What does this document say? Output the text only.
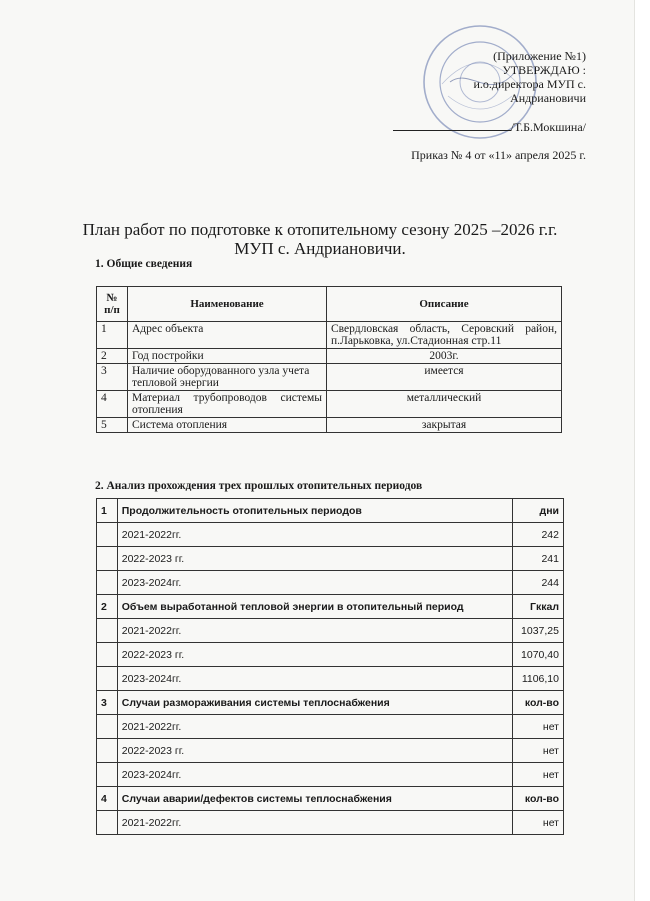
(Приложение №1)
УТВЕРЖДАЮ :
и.о.директора МУП с.
Андриановичи
/Т.Б.Мокшина/
Приказ № 4 от «11» апреля 2025 г.
План работ по подготовке к отопительному сезону 2025 –2026 г.г.
МУП с. Андриановичи.
1. Общие сведения
№ п/п	Наименование	Описание
1	Адрес объекта	Свердловская область, Серовский район, п.Ларьковка, ул.Стадионная стр.11
2	Год постройки	2003г.
3	Наличие оборудованного узла учета тепловой энергии	имеется
4	Материал трубопроводов системы отопления	металлический
5	Система отопления	закрытая
2. Анализ прохождения трех прошлых отопительных периодов
1	Продолжительность отопительных периодов	дни
	2021-2022гг.	242
	2022-2023 гг.	241
	2023-2024гг.	244
2	Объем выработанной тепловой энергии в отопительный период	Гккал
	2021-2022гг.	1037,25
	2022-2023 гг.	1070,40
	2023-2024гг.	1106,10
3	Случаи размораживания системы теплоснабжения	кол-во
	2021-2022гг.	нет
	2022-2023 гг.	нет
	2023-2024гг.	нет
4	Случаи аварии/дефектов системы теплоснабжения	кол-во
	2021-2022гг.	нет
